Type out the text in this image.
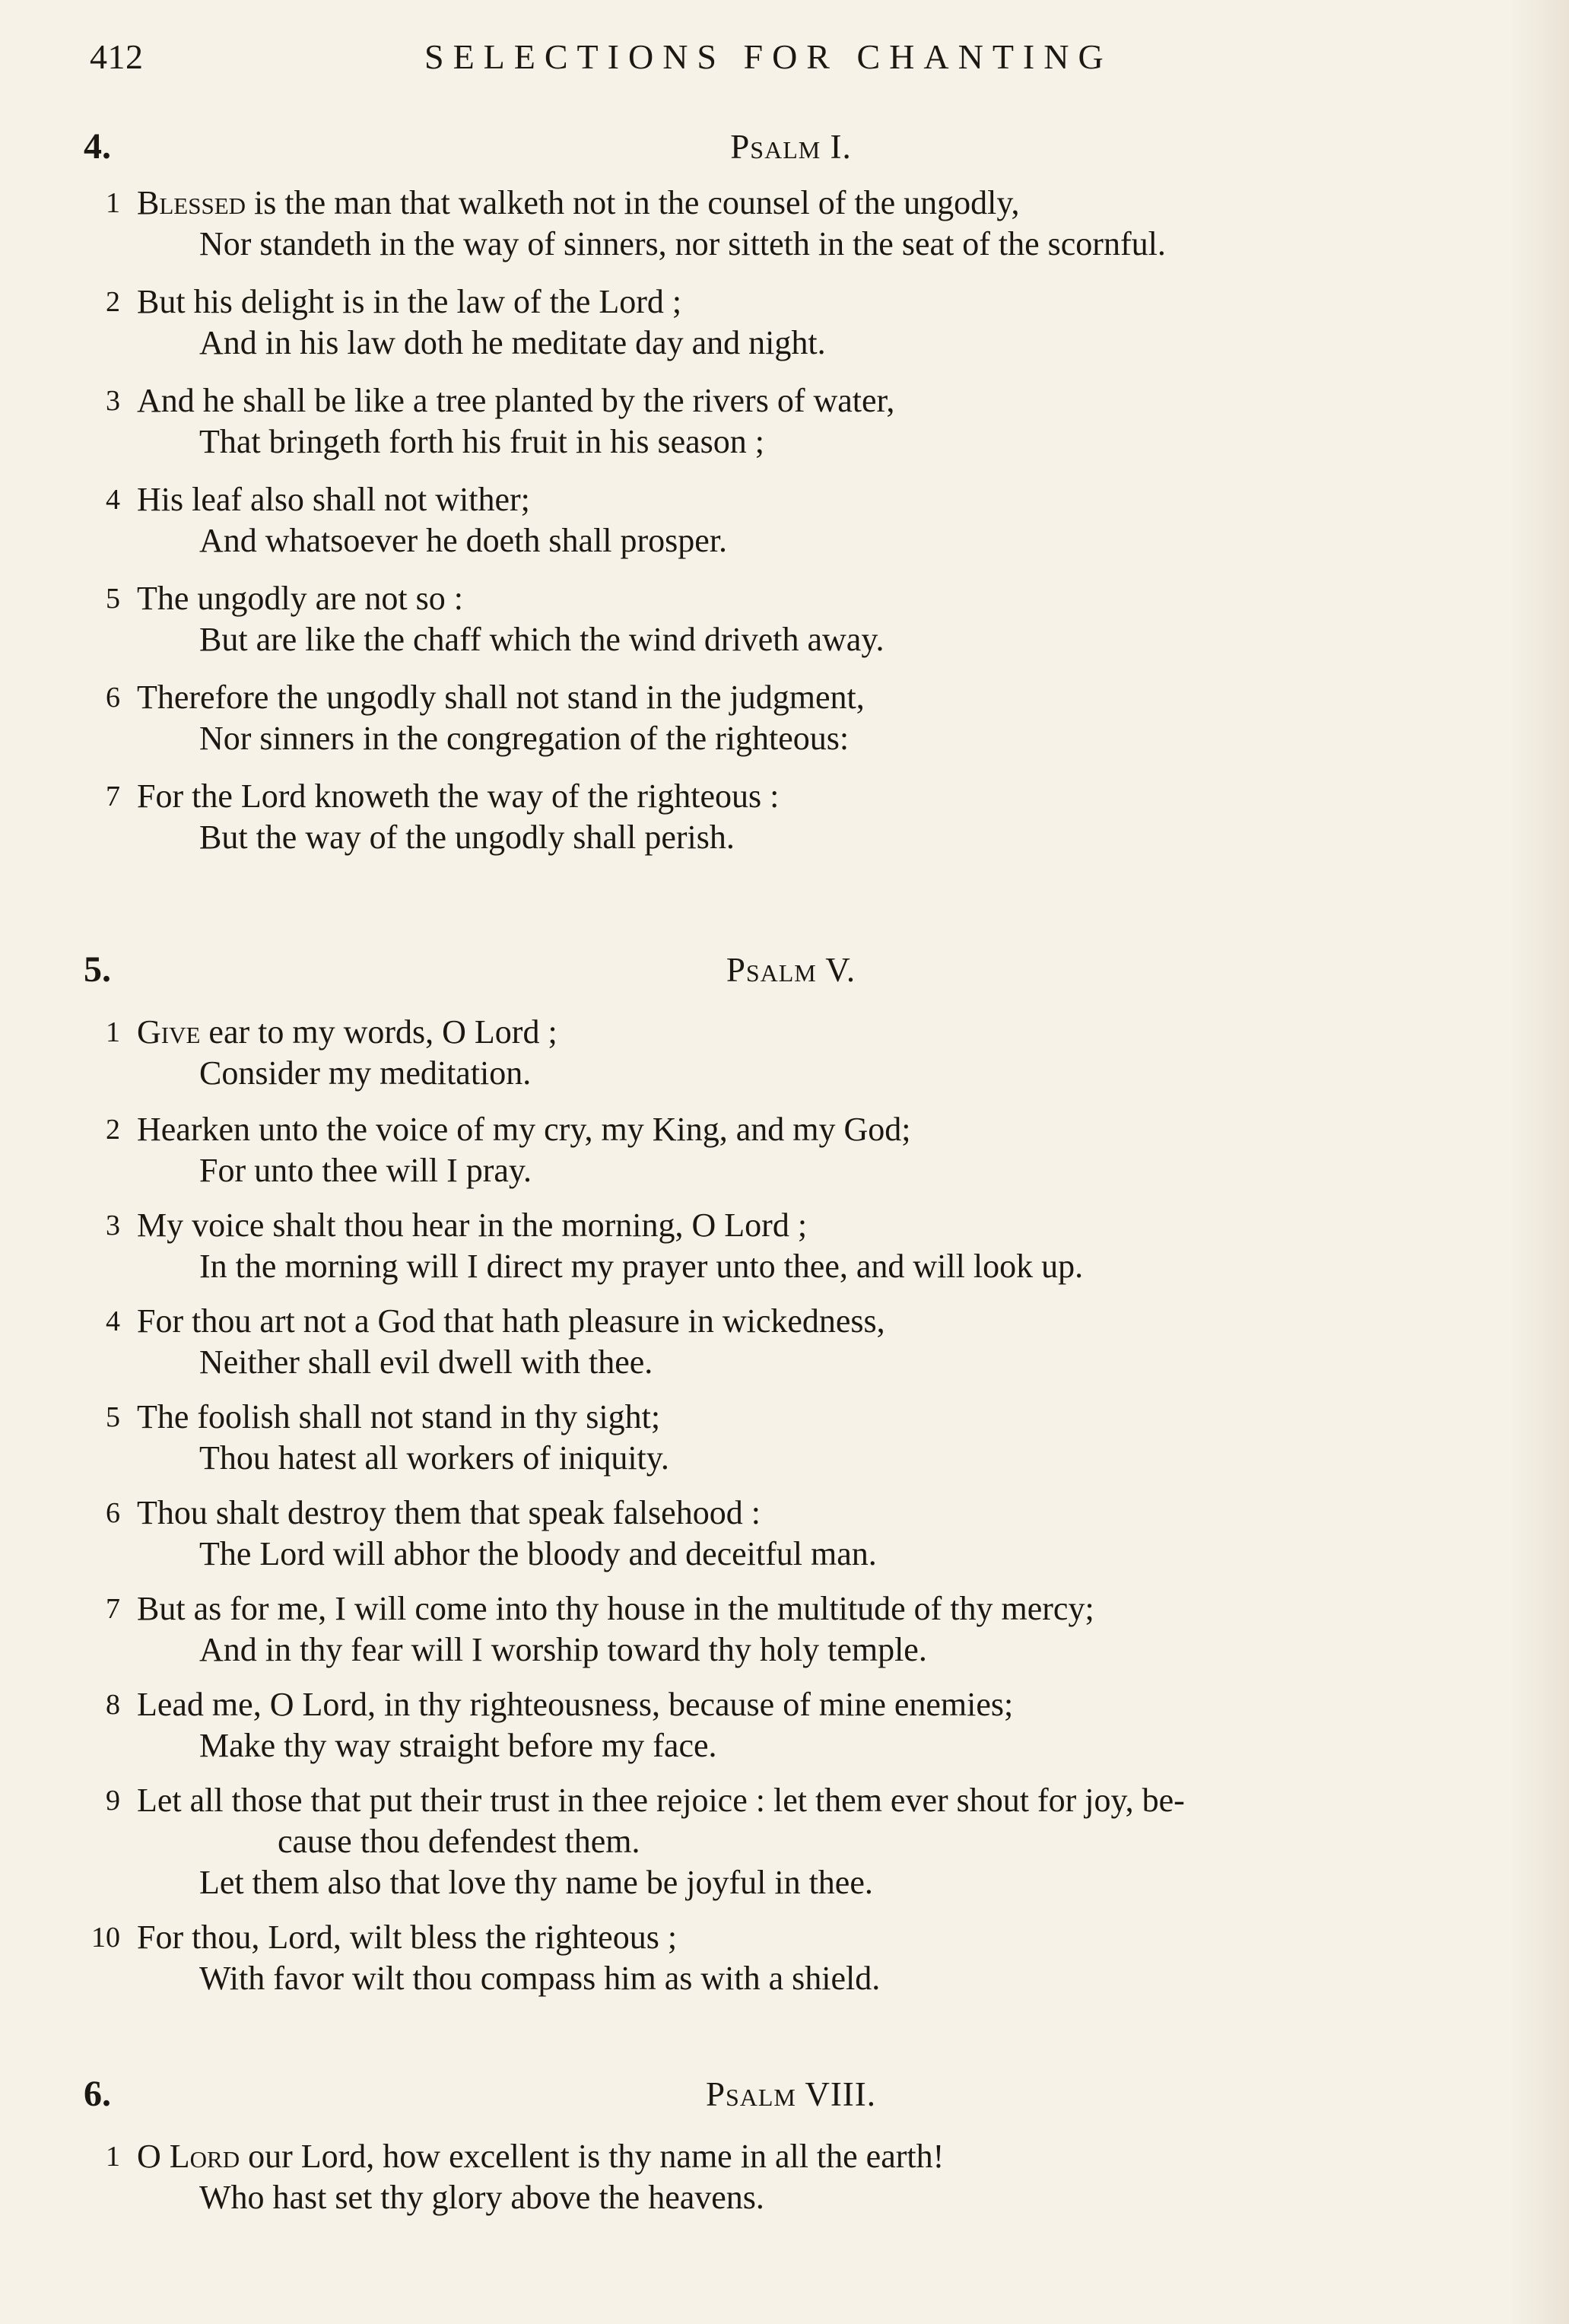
412	SELECTIONS FOR CHANTING
4.	Psalm I.
1 Blessed is the man that walketh not in the counsel of the ungodly,
Nor standeth in the way of sinners, nor sitteth in the seat of the scornful.
2 But his delight is in the law of the Lord ;
And in his law doth he meditate day and night.
3 And he shall be like a tree planted by the rivers of water,
That bringeth forth his fruit in his season ;
4 His leaf also shall not wither;
And whatsoever he doeth shall prosper.
5 The ungodly are not so :
But are like the chaff which the wind driveth away.
6 Therefore the ungodly shall not stand in the judgment,
Nor sinners in the congregation of the righteous:
7 For the Lord knoweth the way of the righteous :
But the way of the ungodly shall perish.
5.	Psalm V.
1 Give ear to my words, O Lord ;
Consider my meditation.
2 Hearken unto the voice of my cry, my King, and my God;
For unto thee will I pray.
3 My voice shalt thou hear in the morning, O Lord ;
In the morning will I direct my prayer unto thee, and will look up.
4 For thou art not a God that hath pleasure in wickedness,
Neither shall evil dwell with thee.
5 The foolish shall not stand in thy sight;
Thou hatest all workers of iniquity.
6 Thou shalt destroy them that speak falsehood :
The Lord will abhor the bloody and deceitful man.
7 But as for me, I will come into thy house in the multitude of thy mercy;
And in thy fear will I worship toward thy holy temple.
8 Lead me, O Lord, in thy righteousness, because of mine enemies;
Make thy way straight before my face.
9 Let all those that put their trust in thee rejoice : let them ever shout for joy, be-
cause thou defendest them.
Let them also that love thy name be joyful in thee.
10 For thou, Lord, wilt bless the righteous ;
With favor wilt thou compass him as with a shield.
6.	Psalm VIII.
1 O Lord our Lord, how excellent is thy name in all the earth!
Who hast set thy glory above the heavens.
